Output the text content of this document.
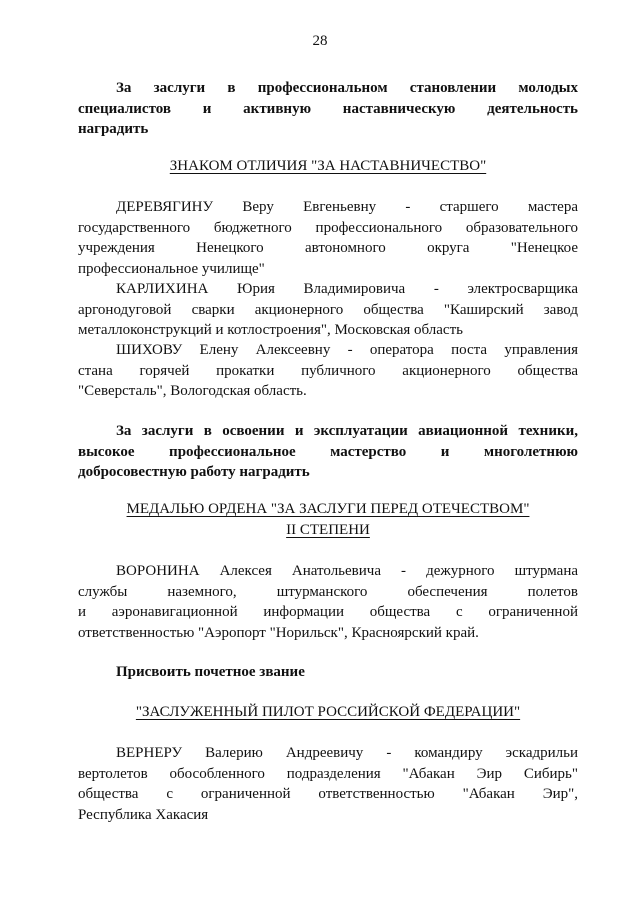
28
За заслуги в профессиональном становлении молодых
специалистов и активную наставническую деятельность
наградить
ЗНАКОМ ОТЛИЧИЯ "ЗА НАСТАВНИЧЕСТВО"
ДЕРЕВЯГИНУ Веру Евгеньевну - старшего мастера
государственного бюджетного профессионального образовательного
учреждения Ненецкого автономного округа "Ненецкое
профессиональное училище"
КАРЛИХИНА Юрия Владимировича - электросварщика
аргонодуговой сварки акционерного общества "Каширский завод
металлоконструкций и котлостроения", Московская область
ШИХОВУ Елену Алексеевну - оператора поста управления
стана горячей прокатки публичного акционерного общества
"Северсталь", Вологодская область.
За заслуги в освоении и эксплуатации авиационной техники,
высокое профессиональное мастерство и многолетнюю
добросовестную работу наградить
МЕДАЛЬЮ ОРДЕНА "ЗА ЗАСЛУГИ ПЕРЕД ОТЕЧЕСТВОМ"
II СТЕПЕНИ
ВОРОНИНА Алексея Анатольевича - дежурного штурмана
службы наземного, штурманского обеспечения полетов
и аэронавигационной информации общества с ограниченной
ответственностью "Аэропорт "Норильск", Красноярский край.
Присвоить почетное звание
"ЗАСЛУЖЕННЫЙ ПИЛОТ РОССИЙСКОЙ ФЕДЕРАЦИИ"
ВЕРНЕРУ Валерию Андреевичу - командиру эскадрильи
вертолетов обособленного подразделения "Абакан Эир Сибирь"
общества с ограниченной ответственностью "Абакан Эир",
Республика Хакасия
